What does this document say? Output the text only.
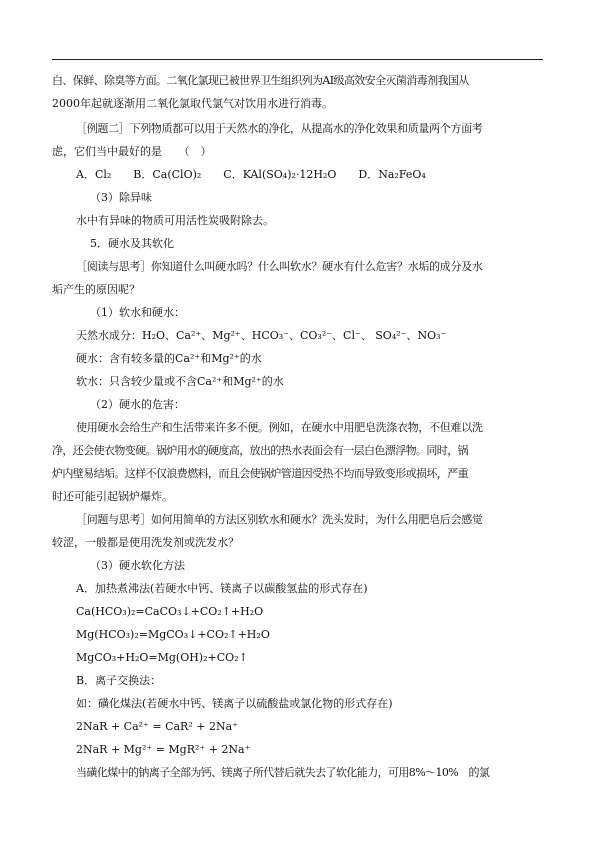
白、保鲜、除臭等方面。二氧化氯现已被世界卫生组织列为AI级高效安全灭菌消毒剂我国从
2000年起就逐渐用二氧化氯取代氯气对饮用水进行消毒。
［例题二］下列物质都可以用于天然水的净化，从提高水的净化效果和质量两个方面考
虑，它们当中最好的是　　（　）
A．Cl₂　　B．Ca(ClO)₂　　C．KAl(SO₄)₂·12H₂O　　D．Na₂FeO₄
（3）除异味
水中有异味的物质可用活性炭吸附除去。
5．硬水及其软化
［阅读与思考］你知道什么叫硬水吗？什么叫软水？硬水有什么危害？水垢的成分及水
垢产生的原因呢？
（1）软水和硬水：
天然水成分：H₂O、Ca²⁺、Mg²⁺、HCO₃⁻、CO₃²⁻、Cl⁻、 SO₄²⁻、NO₃⁻
硬水：含有较多量的Ca²⁺和Mg²⁺的水
软水：只含较少量或不含Ca²⁺和Mg²⁺的水
（2）硬水的危害：
使用硬水会给生产和生活带来许多不便。例如，在硬水中用肥皂洗涤衣物，不但难以洗
净，还会使衣物变硬。锅炉用水的硬度高，放出的热水表面会有一层白色漂浮物。同时，锅
炉内壁易结垢。这样不仅浪费燃料，而且会使锅炉管道因受热不均而导致变形或损坏，严重
时还可能引起锅炉爆炸。
［问题与思考］如何用简单的方法区别软水和硬水？洗头发时，为什么用肥皂后会感觉
较涩，一般都是使用洗发剂或洗发水？
（3）硬水软化方法
A．加热煮沸法(若硬水中钙、镁离子以碳酸氢盐的形式存在)
Ca(HCO₃)₂=CaCO₃↓+CO₂↑+H₂O
Mg(HCO₃)₂=MgCO₃↓+CO₂↑+H₂O
MgCO₃+H₂O=Mg(OH)₂+CO₂↑
B．离子交换法：
如：磺化煤法(若硬水中钙、镁离子以硫酸盐或氯化物的形式存在)
2NaR + Ca²⁺ = CaR² + 2Na⁺
2NaR + Mg²⁺ = MgR²⁺ + 2Na⁺
当磺化煤中的钠离子全部为钙、镁离子所代替后就失去了软化能力，可用8%～10%　的氯
